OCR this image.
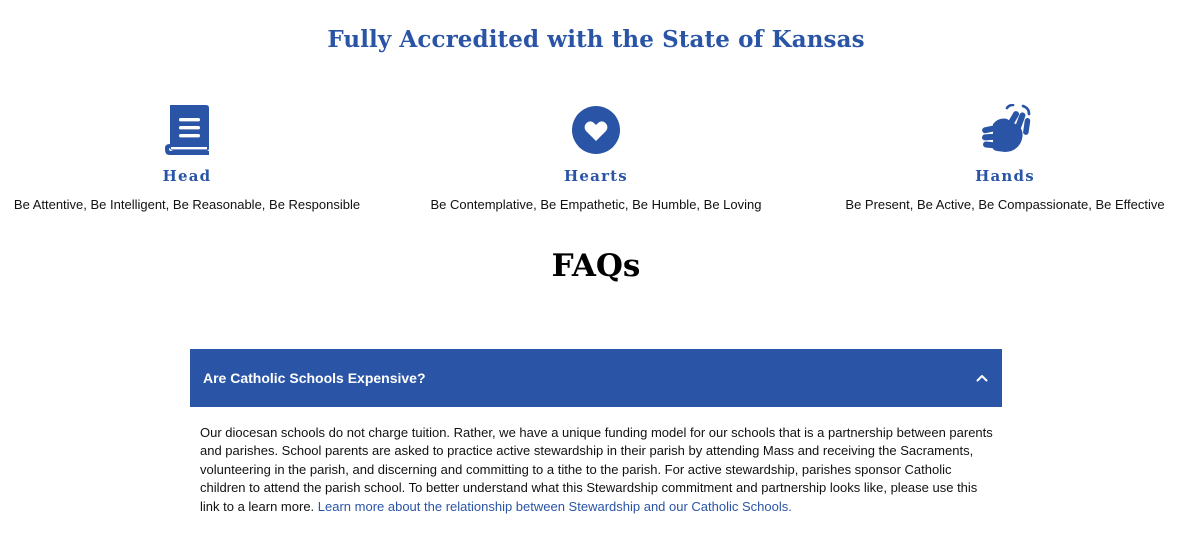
Fully Accredited with the State of Kansas
Head
Be Attentive, Be Intelligent, Be Reasonable, Be Responsible
Hearts
Be Contemplative, Be Empathetic, Be Humble, Be Loving
Hands
Be Present, Be Active, Be Compassionate, Be Effective
FAQs
Are Catholic Schools Expensive?
Our diocesan schools do not charge tuition. Rather, we have a unique funding model for our schools that is a partnership between parents and parishes. School parents are asked to practice active stewardship in their parish by attending Mass and receiving the Sacraments, volunteering in the parish, and discerning and committing to a tithe to the parish. For active stewardship, parishes sponsor Catholic children to attend the parish school. To better understand what this Stewardship commitment and partnership looks like, please use this link to a learn more. Learn more about the relationship between Stewardship and our Catholic Schools.
